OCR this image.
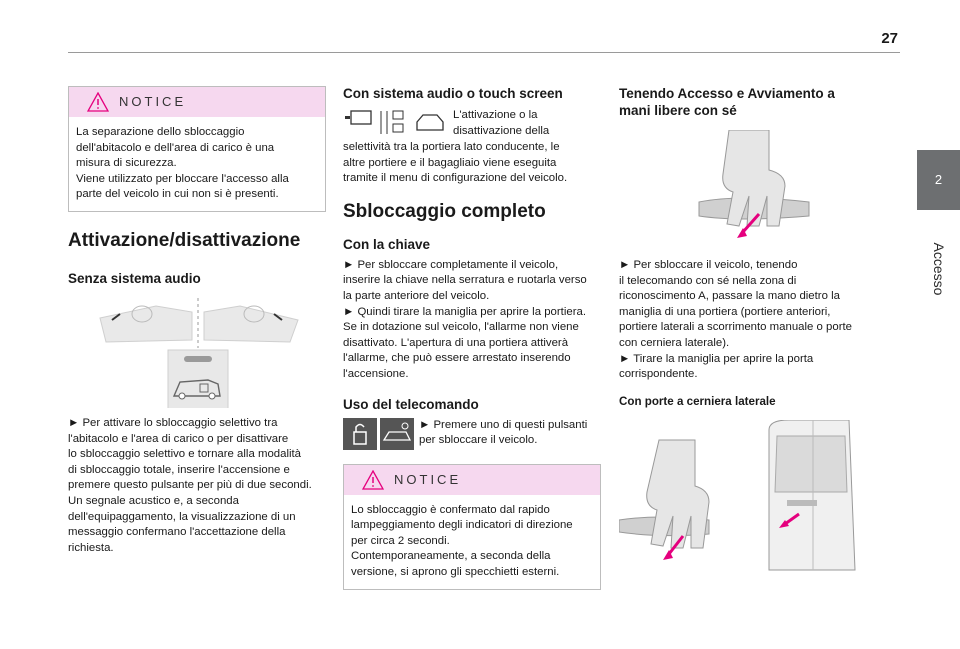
27
2
Accesso
NOTICE

La separazione dello sbloccaggio

dell'abitacolo e dell'area di carico è una

misura di sicurezza.

Viene utilizzato per bloccare l'accesso alla

parte del veicolo in cui non si è presenti.

Attivazione/disattivazione
Senza sistema audio

► Per attivare lo sbloccaggio selettivo tra

l'abitacolo e l'area di carico o per disattivare

lo sbloccaggio selettivo e tornare alla modalità

di sbloccaggio totale, inserire l'accensione e

premere questo pulsante per più di due secondi.

Un segnale acustico e, a seconda

dell'equipaggamento, la visualizzazione di un

messaggio confermano l'accettazione della

richiesta.

Con sistema audio o touch screen

L'attivazione o la

disattivazione della

selettività tra la portiera lato conducente, le

altre portiere e il bagagliaio viene eseguita

tramite il menu di configurazione del veicolo.

Sbloccaggio completo
Con la chiave

► Per sbloccare completamente il veicolo,

inserire la chiave nella serratura e ruotarla verso

la parte anteriore del veicolo.

► Quindi tirare la maniglia per aprire la portiera.

Se in dotazione sul veicolo, l'allarme non viene

disattivato. L'apertura di una portiera attiverà

l'allarme, che può essere arrestato inserendo

l'accensione.

Uso del telecomando

► Premere uno di questi pulsanti

per sbloccare il veicolo.

NOTICE

Lo sbloccaggio è confermato dal rapido

lampeggiamento degli indicatori di direzione

per circa 2 secondi.

Contemporaneamente, a seconda della

versione, si aprono gli specchietti esterni.

Tenendo Accesso e Avviamento a
mani libere con sé

► Per sbloccare il veicolo, tenendo

il telecomando con sé nella zona di

riconoscimento A, passare la mano dietro la

maniglia di una portiera (portiere anteriori,

portiere laterali a scorrimento manuale o porte

con cerniera laterale).

► Tirare la maniglia per aprire la porta

corrispondente.

Con porte a cerniera laterale
